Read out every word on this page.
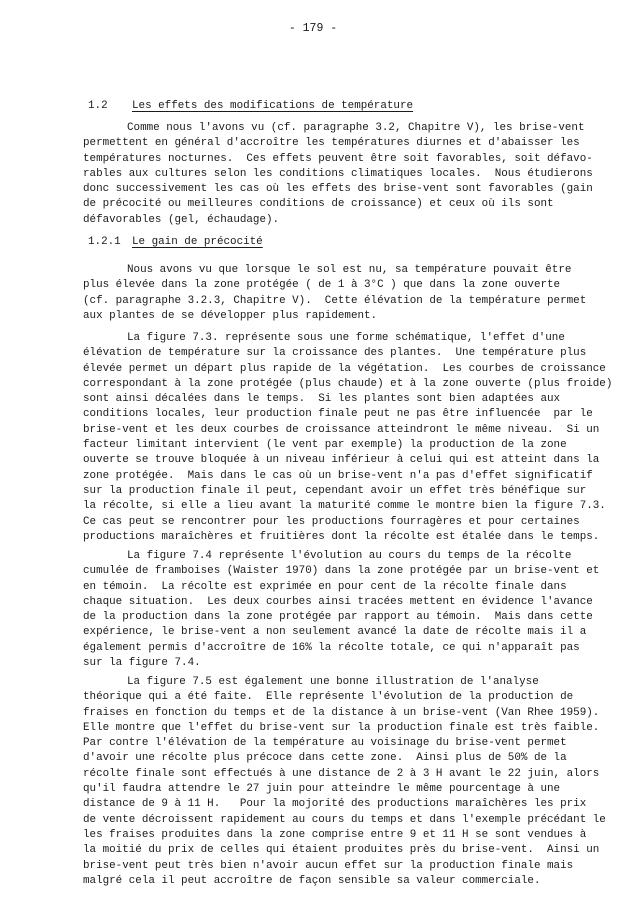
- 179 -

1.2

Les effets des modifications de température

Comme nous l'avons vu (cf. paragraphe 3.2, Chapitre V), les brise-vent
permettent en général d'accroître les températures diurnes et d'abaisser les
températures nocturnes.  Ces effets peuvent être soit favorables, soit défavo-
rables aux cultures selon les conditions climatiques locales.  Nous étudierons
donc successivement les cas où les effets des brise-vent sont favorables (gain
de précocité ou meilleures conditions de croissance) et ceux où ils sont
défavorables (gel, échaudage).

1.2.1

Le gain de précocité

Nous avons vu que lorsque le sol est nu, sa température pouvait être
plus élevée dans la zone protégée ( de 1 à 3°C ) que dans la zone ouverte
(cf. paragraphe 3.2.3, Chapitre V).  Cette élévation de la température permet
aux plantes de se développer plus rapidement.
La figure 7.3. représente sous une forme schématique, l'effet d'une
élévation de température sur la croissance des plantes.  Une température plus
élevée permet un départ plus rapide de la végétation.  Les courbes de croissance
correspondant à la zone protégée (plus chaude) et à la zone ouverte (plus froide)
sont ainsi décalées dans le temps.  Si les plantes sont bien adaptées aux
conditions locales, leur production finale peut ne pas être influencée  par le
brise-vent et les deux courbes de croissance atteindront le même niveau.  Si un
facteur limitant intervient (le vent par exemple) la production de la zone
ouverte se trouve bloquée à un niveau inférieur à celui qui est atteint dans la
zone protégée.  Mais dans le cas où un brise-vent n'a pas d'effet significatif
sur la production finale il peut, cependant avoir un effet très bénéfique sur
la récolte, si elle a lieu avant la maturité comme le montre bien la figure 7.3.
Ce cas peut se rencontrer pour les productions fourragères et pour certaines
productions maraîchères et fruitières dont la récolte est étalée dans le temps.
La figure 7.4 représente l'évolution au cours du temps de la récolte
cumulée de framboises (Waister 1970) dans la zone protégée par un brise-vent et
en témoin.  La récolte est exprimée en pour cent de la récolte finale dans
chaque situation.  Les deux courbes ainsi tracées mettent en évidence l'avance
de la production dans la zone protégée par rapport au témoin.  Mais dans cette
expérience, le brise-vent a non seulement avancé la date de récolte mais il a
également permis d'accroître de 16% la récolte totale, ce qui n'apparaît pas
sur la figure 7.4.
La figure 7.5 est également une bonne illustration de l'analyse
théorique qui a été faite.  Elle représente l'évolution de la production de
fraises en fonction du temps et de la distance à un brise-vent (Van Rhee 1959).
Elle montre que l'effet du brise-vent sur la production finale est très faible.
Par contre l'élévation de la température au voisinage du brise-vent permet
d'avoir une récolte plus précoce dans cette zone.  Ainsi plus de 50% de la
récolte finale sont effectués à une distance de 2 à 3 H avant le 22 juin, alors
qu'il faudra attendre le 27 juin pour atteindre le même pourcentage à une
distance de 9 à 11 H.   Pour la mojorité des productions maraîchères les prix
de vente décroissent rapidement au cours du temps et dans l'exemple précédant le
les fraises produites dans la zone comprise entre 9 et 11 H se sont vendues à
la moitié du prix de celles qui étaient produites près du brise-vent.  Ainsi un
brise-vent peut très bien n'avoir aucun effet sur la production finale mais
malgré cela il peut accroître de façon sensible sa valeur commerciale.
